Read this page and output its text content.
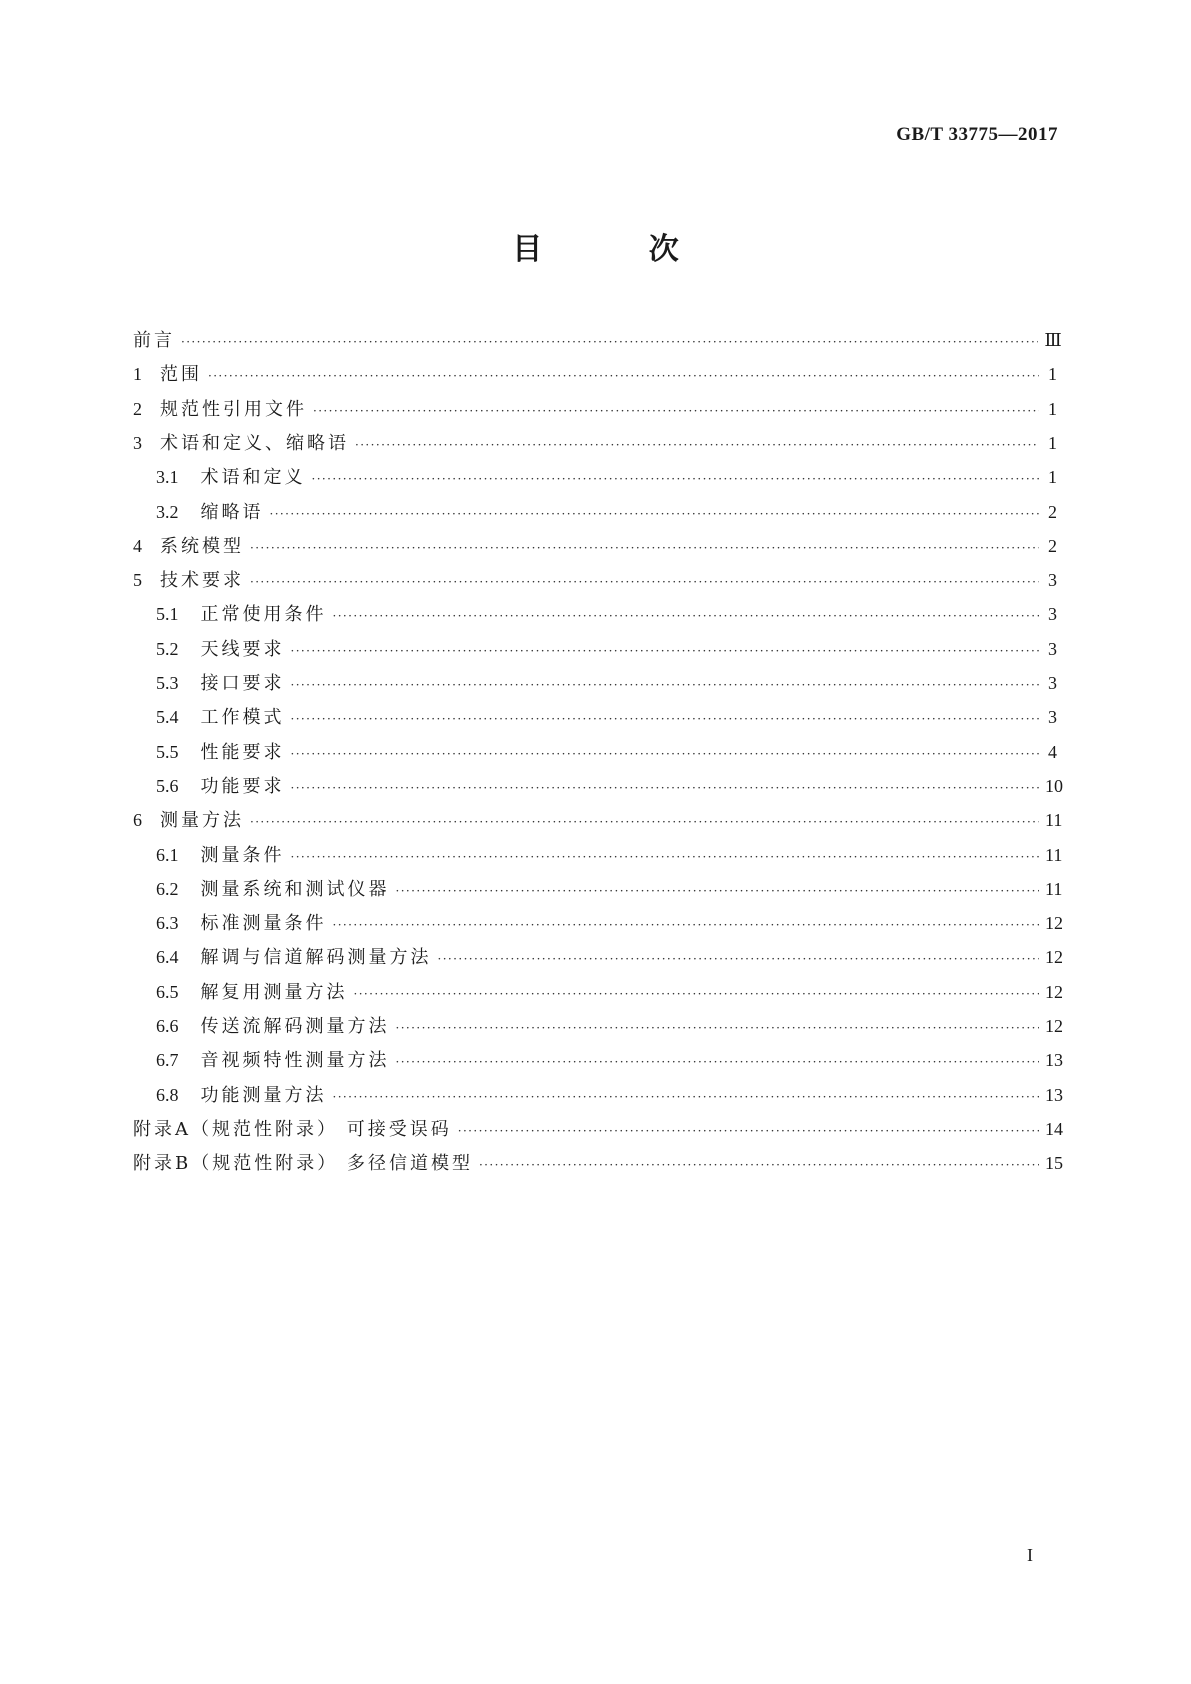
GB/T 33775—2017
目 次
前言 ·····	Ⅲ
1 范围 ·····	1
2 规范性引用文件 ·····	1
3 术语和定义、缩略语 ·····	1
3.1 术语和定义 ·····	1
3.2 缩略语 ·····	2
4 系统模型 ·····	2
5 技术要求 ·····	3
5.1 正常使用条件 ·····	3
5.2 天线要求 ·····	3
5.3 接口要求 ·····	3
5.4 工作模式 ·····	3
5.5 性能要求 ·····	4
5.6 功能要求 ·····	10
6 测量方法 ·····	11
6.1 测量条件 ·····	11
6.2 测量系统和测试仪器 ·····	11
6.3 标准测量条件 ·····	12
6.4 解调与信道解码测量方法 ·····	12
6.5 解复用测量方法 ·····	12
6.6 传送流解码测量方法 ·····	12
6.7 音视频特性测量方法 ·····	13
6.8 功能测量方法 ·····	13
附录A（规范性附录） 可接受误码 ·····	14
附录B（规范性附录） 多径信道模型 ·····	15
I
